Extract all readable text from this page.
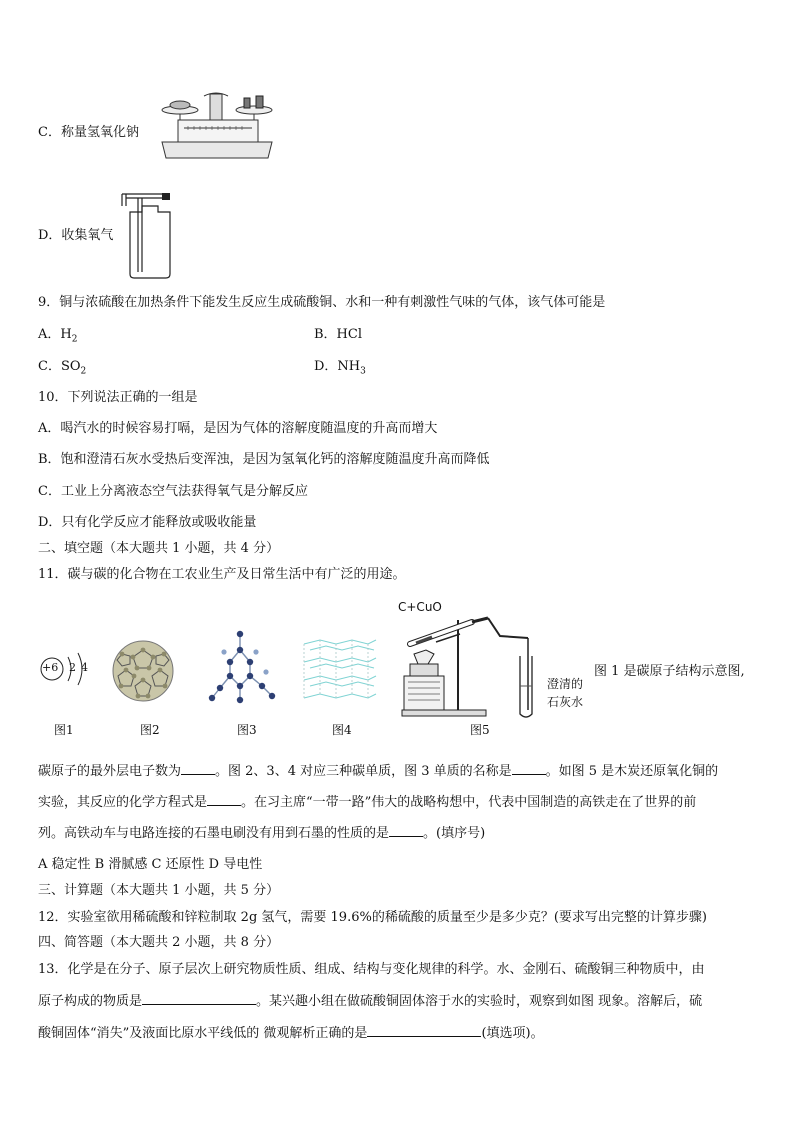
C．称量氢氧化钠
D．收集氧气
9．铜与浓硫酸在加热条件下能发生反应生成硫酸铜、水和一种有刺激性气味的气体，该气体可能是
A．$H_2$	B．HCl
C．$SO_2$	D．$NH_3$
10．下列说法正确的一组是
A．喝汽水的时候容易打嗝，是因为气体的溶解度随温度的升高而增大
B．饱和澄清石灰水受热后变浑浊，是因为氢氧化钙的溶解度随温度升高而降低
C．工业上分离液态空气法获得氧气是分解反应
D．只有化学反应才能释放或吸收能量
二、填空题（本大题共 1 小题，共 4 分）
11．碳与碳的化合物在工农业生产及日常生活中有广泛的用途。
+6 2 4
图1	图2	图3	图4
C+CuO
澄清的
石灰水
图5
图 1 是碳原子结构示意图,
碳原子的最外层电子数为	。图 2、3、4 对应三种碳单质，图 3 单质的名称是	。如图 5 是木炭还原氧化铜的
实验，其反应的化学方程式是	。在习主席“一带一路”伟大的战略构想中，代表中国制造的高铁走在了世界的前
列。高铁动车与电路连接的石墨电刷没有用到石墨的性质的是	。(填序号)
A 稳定性 B 滑腻感 C 还原性 D 导电性
三、计算题（本大题共 1 小题，共 5 分）
12．实验室欲用稀硫酸和锌粒制取 2g 氢气，需要 19.6%的稀硫酸的质量至少是多少克？(要求写出完整的计算步骤)
四、简答题（本大题共 2 小题，共 8 分）
13．化学是在分子、原子层次上研究物质性质、组成、结构与变化规律的科学。水、金刚石、硫酸铜三种物质中，由
原子构成的物质是	。某兴趣小组在做硫酸铜固体溶于水的实验时，观察到如图 现象。溶解后，硫
酸铜固体“消失”及液面比原水平线低的 微观解析正确的是	(填选项)。
